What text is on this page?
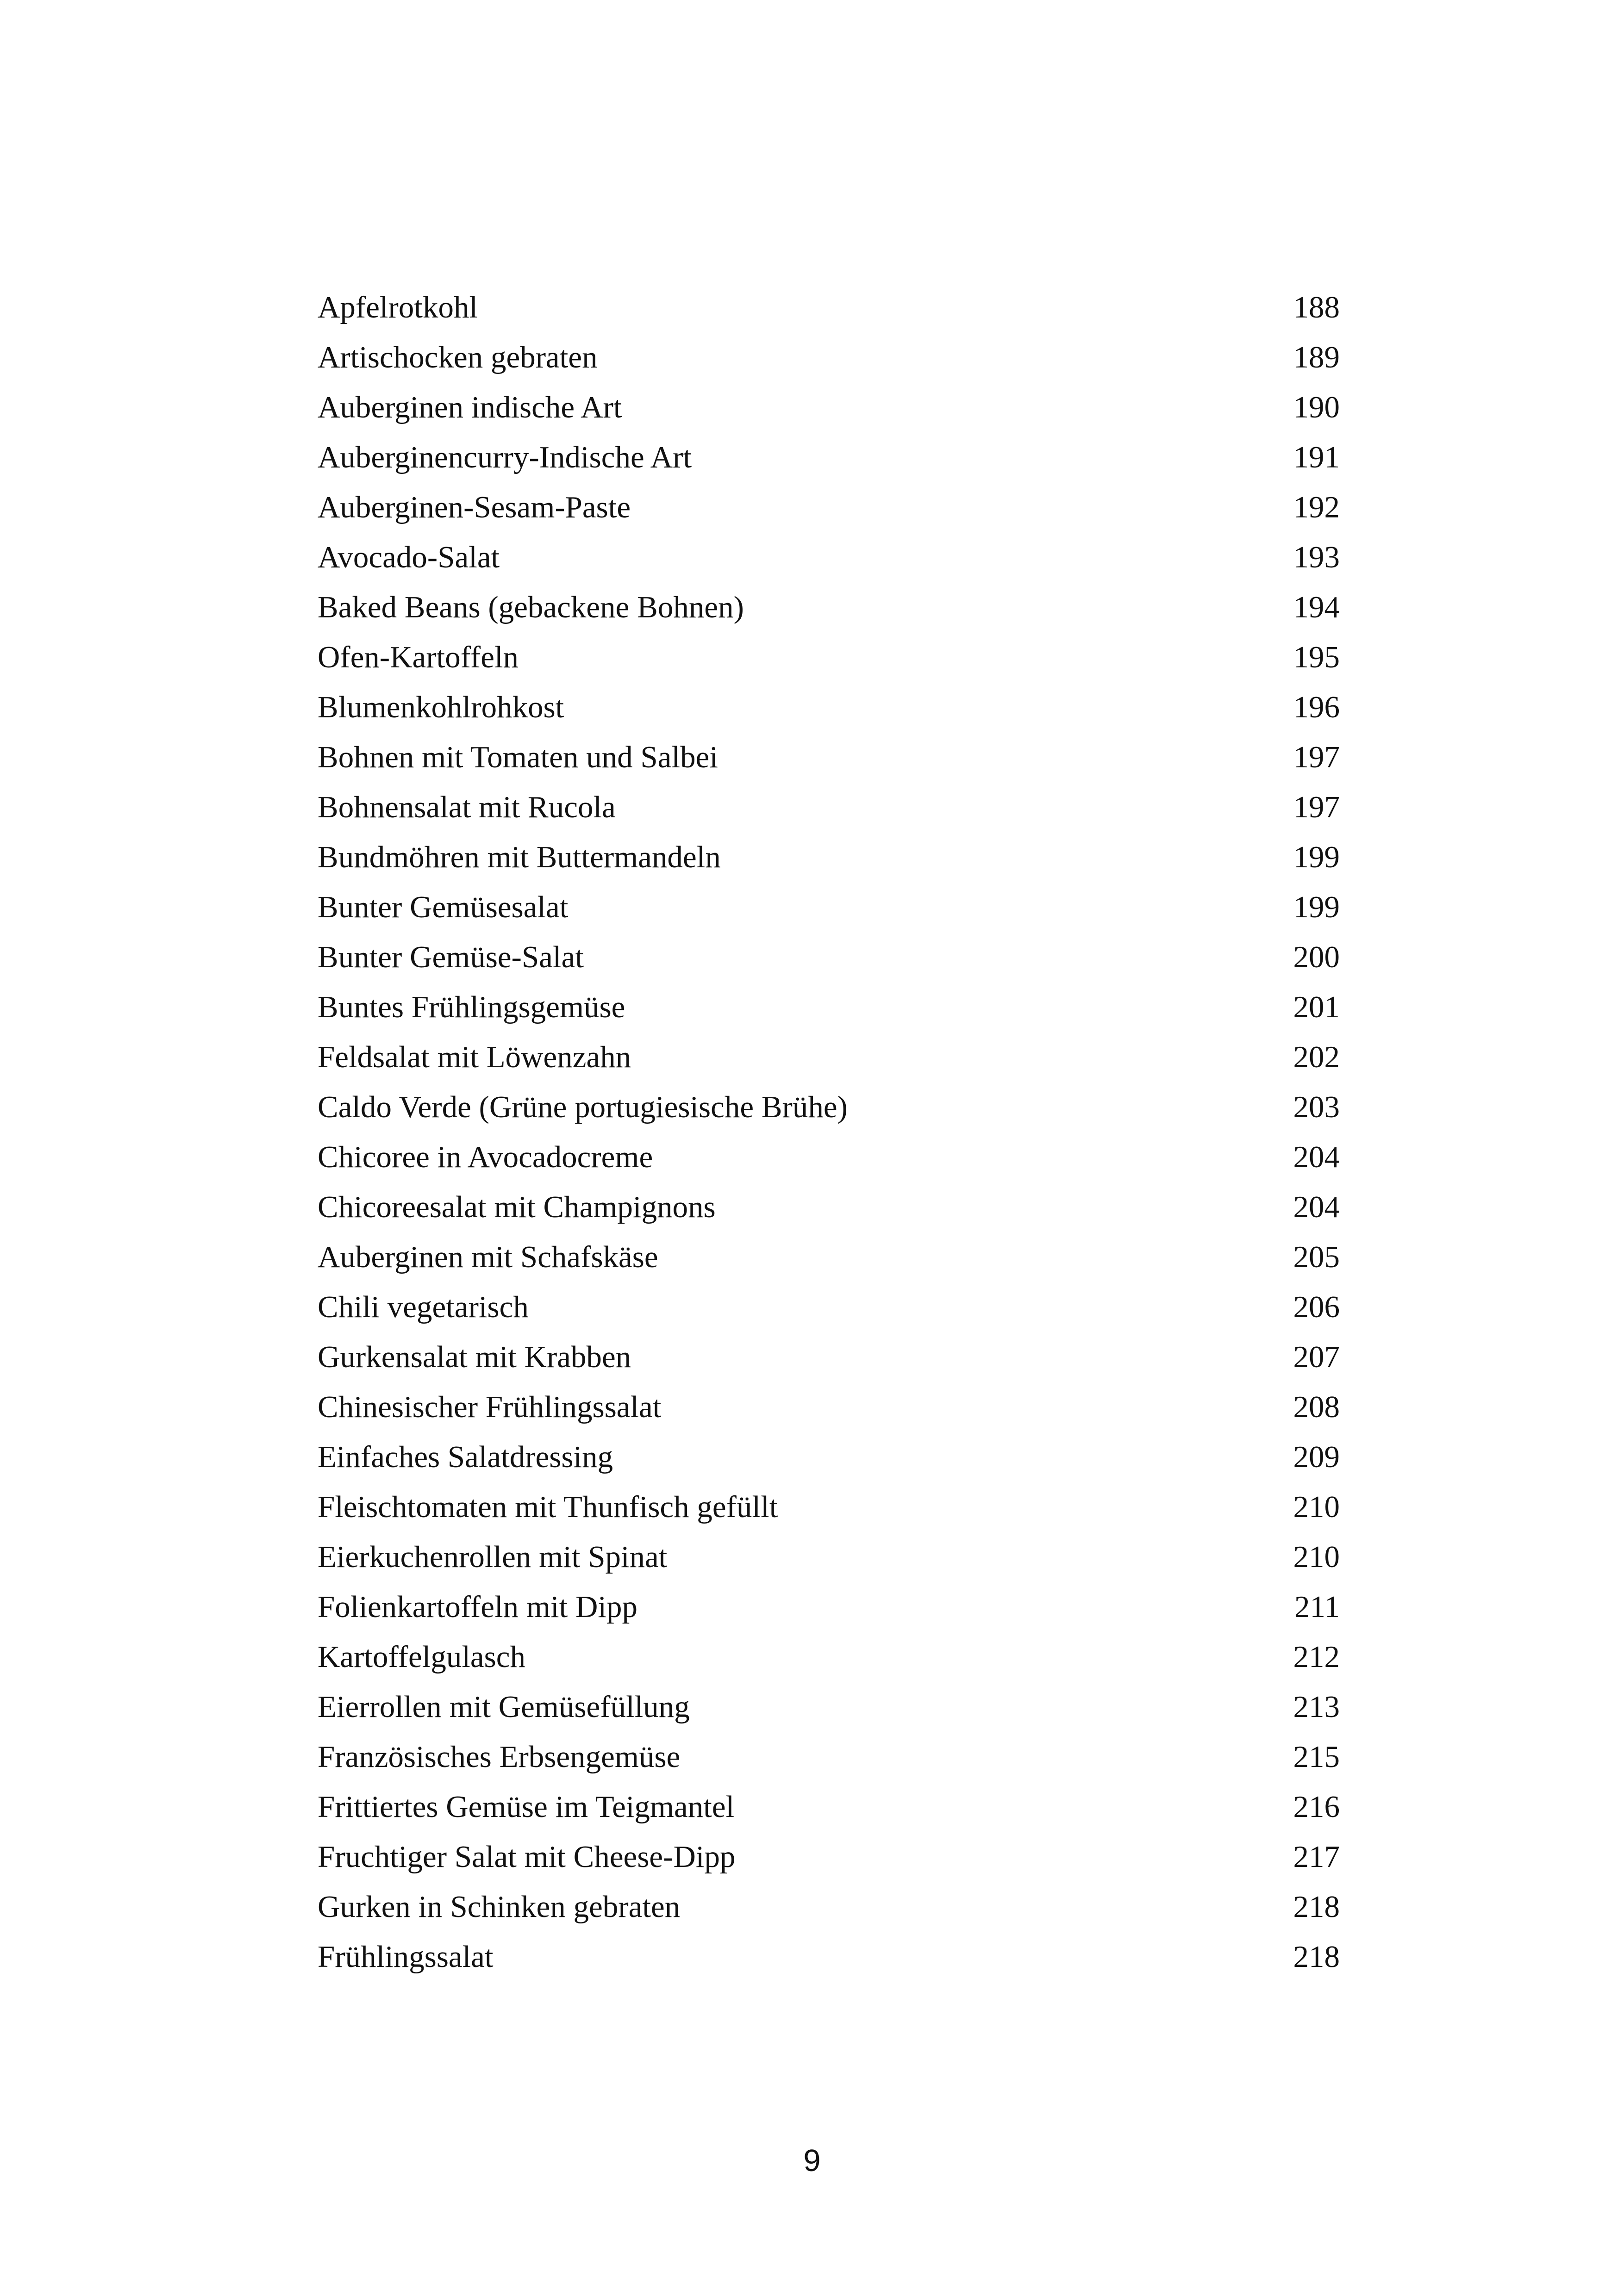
Apfelrotkohl	188
Artischocken gebraten	189
Auberginen indische Art	190
Auberginencurry-Indische Art	191
Auberginen-Sesam-Paste	192
Avocado-Salat	193
Baked Beans (gebackene Bohnen)	194
Ofen-Kartoffeln	195
Blumenkohlrohkost	196
Bohnen mit Tomaten und Salbei	197
Bohnensalat mit Rucola	197
Bundmöhren mit Buttermandeln	199
Bunter Gemüsesalat	199
Bunter Gemüse-Salat	200
Buntes Frühlingsgemüse	201
Feldsalat mit Löwenzahn	202
Caldo Verde (Grüne portugiesische Brühe)	203
Chicoree in Avocadocreme	204
Chicoreesalat mit Champignons	204
Auberginen mit Schafskäse	205
Chili vegetarisch	206
Gurkensalat mit Krabben	207
Chinesischer Frühlingssalat	208
Einfaches Salatdressing	209
Fleischtomaten mit Thunfisch gefüllt	210
Eierkuchenrollen mit Spinat	210
Folienkartoffeln mit Dipp	211
Kartoffelgulasch	212
Eierrollen mit Gemüsefüllung	213
Französisches Erbsengemüse	215
Frittiertes Gemüse im Teigmantel	216
Fruchtiger Salat mit Cheese-Dipp	217
Gurken in Schinken gebraten	218
Frühlingssalat	218
9
